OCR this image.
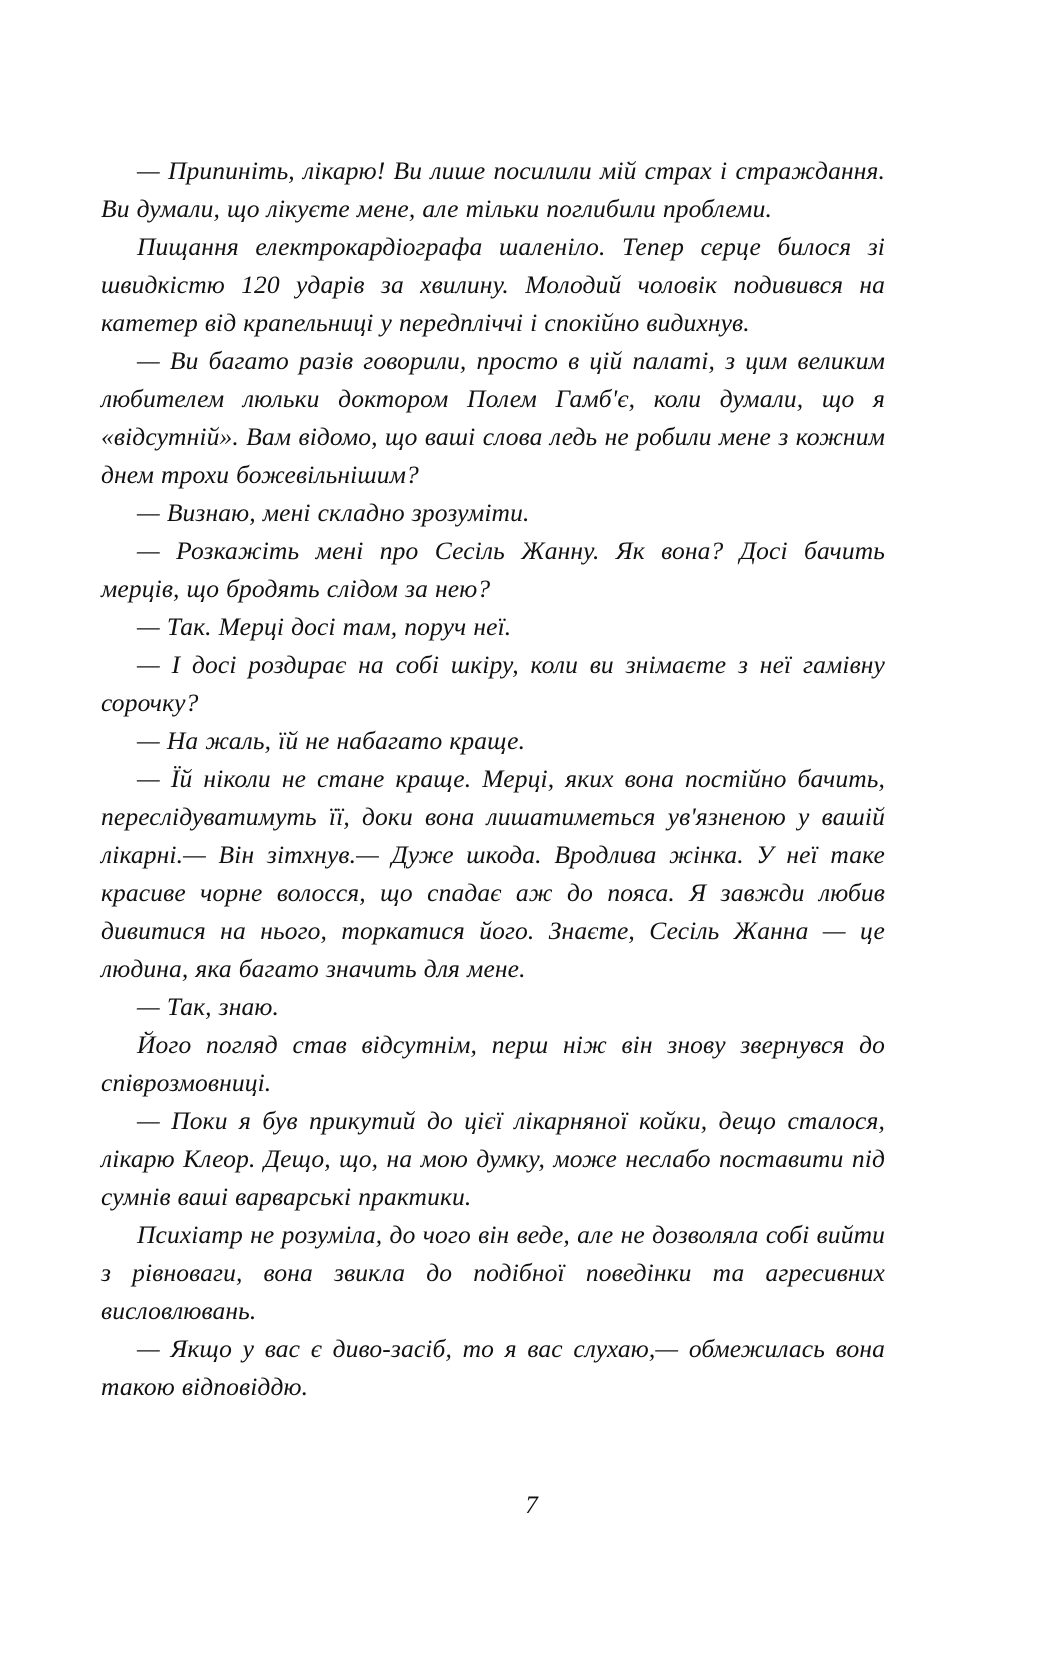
— Припиніть, лікарю! Ви лише посилили мій страх і страждання. Ви думали, що лікуєте мене, але тільки поглибили проблеми.

Пищання електрокардіографа шаленіло. Тепер серце билося зі швидкістю 120 ударів за хвилину. Молодий чоловік подивився на катетер від крапельниці у передпліччі і спокійно видихнув.

— Ви багато разів говорили, просто в цій палаті, з цим великим любителем люльки доктором Полем Гамб'є, коли думали, що я «відсутній». Вам відомо, що ваші слова ледь не робили мене з кожним днем трохи божевільнішим?

— Визнаю, мені складно зрозуміти.

— Розкажіть мені про Сесіль Жанну. Як вона? Досі бачить мерців, що бродять слідом за нею?

— Так. Мерці досі там, поруч неї.

— І досі роздирає на собі шкіру, коли ви знімаєте з неї гамівну сорочку?

— На жаль, їй не набагато краще.

— Їй ніколи не стане краще. Мерці, яких вона постійно бачить, переслідуватимуть її, доки вона лишатиметься ув'язненою у вашій лікарні.— Він зітхнув.— Дуже шкода. Вродлива жінка. У неї таке красиве чорне волосся, що спадає аж до пояса. Я завжди любив дивитися на нього, торкатися його. Знаєте, Сесіль Жанна — це людина, яка багато значить для мене.

— Так, знаю.

Його погляд став відсутнім, перш ніж він знову звернувся до співрозмовниці.

— Поки я був прикутий до цієї лікарняної койки, дещо сталося, лікарю Клеор. Дещо, що, на мою думку, може неслабо поставити під сумнів ваші варварські практики.

Психіатр не розуміла, до чого він веде, але не дозволяла собі вийти з рівноваги, вона звикла до подібної поведінки та агресивних висловлювань.

— Якщо у вас є диво-засіб, то я вас слухаю,— обмежилась вона такою відповіддю.

7
